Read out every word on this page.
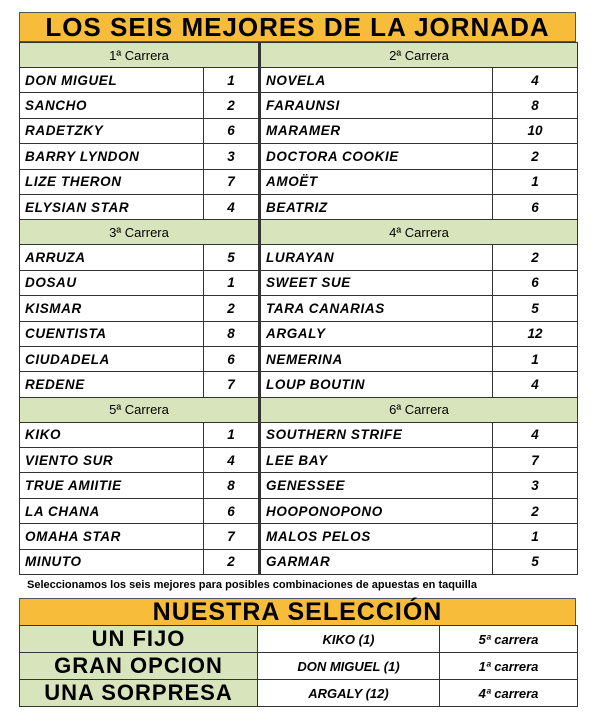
LOS SEIS MEJORES DE LA JORNADA
1ª Carrera		2ª Carrera	
DON MIGUEL	1	NOVELA	4
SANCHO	2	FARAUNSI	8
RADETZKY	6	MARAMER	10
BARRY LYNDON	3	DOCTORA COOKIE	2
LIZE THERON	7	AMOËT	1
ELYSIAN STAR	4	BEATRIZ	6
3ª Carrera		4ª Carrera	
ARRUZA	5	LURAYAN	2
DOSAU	1	SWEET SUE	6
KISMAR	2	TARA CANARIAS	5
CUENTISTA	8	ARGALY	12
CIUDADELA	6	NEMERINA	1
REDENE	7	LOUP BOUTIN	4
5ª Carrera		6ª Carrera	
KIKO	1	SOUTHERN STRIFE	4
VIENTO SUR	4	LEE BAY	7
TRUE AMIITIE	8	GENESSEE	3
LA CHANA	6	HOOPONOPONO	2
OMAHA STAR	7	MALOS PELOS	1
MINUTO	2	GARMAR	5
Seleccionamos los seis mejores para posibles combinaciones de apuestas en taquilla
NUESTRA SELECCIÓN
UN FIJO	KIKO (1)	5ª carrera
GRAN OPCION	DON MIGUEL (1)	1ª carrera
UNA SORPRESA	ARGALY (12)	4ª carrera
